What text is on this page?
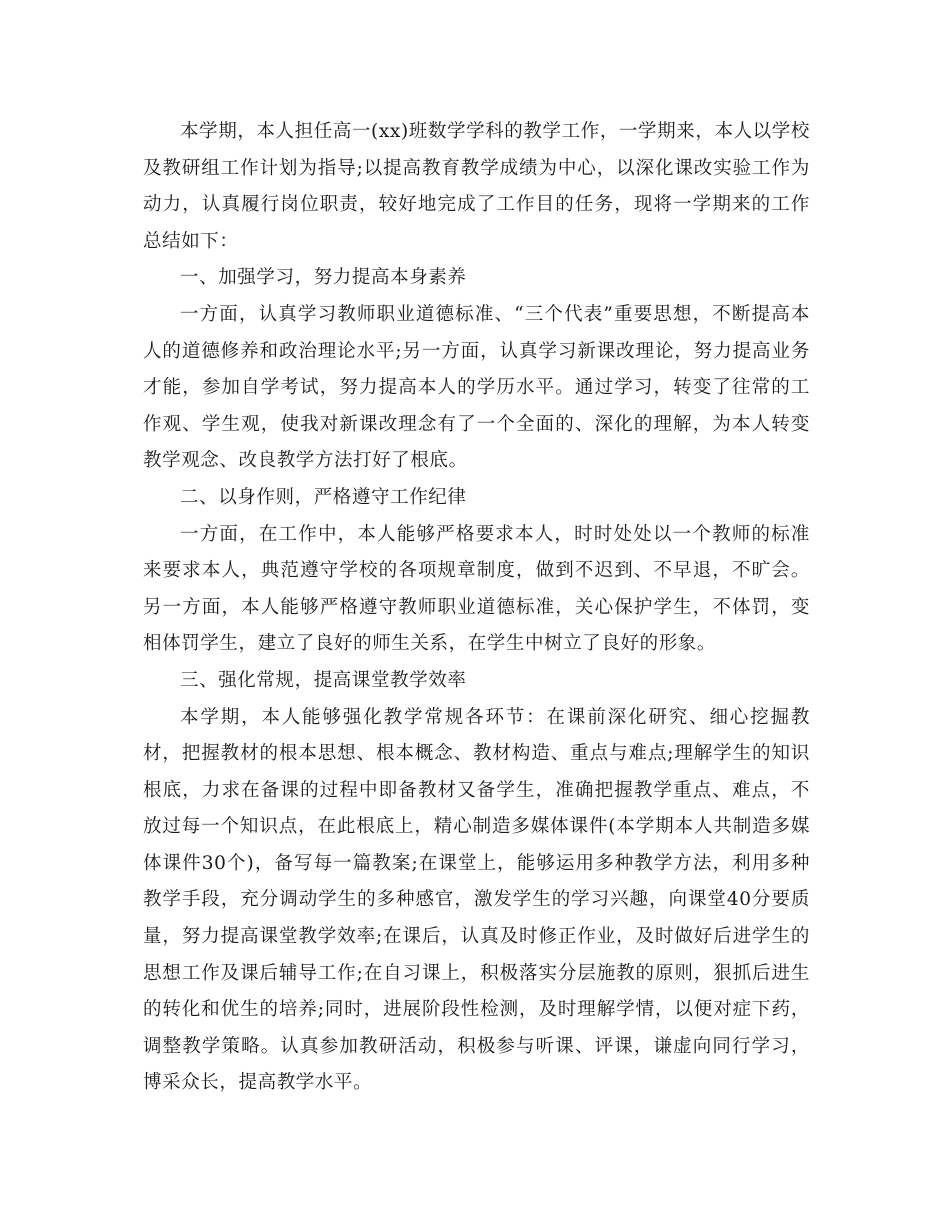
本学期，本人担任高一(xx)班数学学科的教学工作，一学期来，本人以学校及教研组工作计划为指导;以提高教育教学成绩为中心，以深化课改实验工作为动力，认真履行岗位职责，较好地完成了工作目的任务，现将一学期来的工作总结如下：

一、加强学习，努力提高本身素养

一方面，认真学习教师职业道德标准、“三个代表”重要思想，不断提高本人的道德修养和政治理论水平;另一方面，认真学习新课改理论，努力提高业务才能，参加自学考试，努力提高本人的学历水平。通过学习，转变了往常的工作观、学生观，使我对新课改理念有了一个全面的、深化的理解，为本人转变教学观念、改良教学方法打好了根底。

二、以身作则，严格遵守工作纪律

一方面，在工作中，本人能够严格要求本人，时时处处以一个教师的标准来要求本人，典范遵守学校的各项规章制度，做到不迟到、不早退，不旷会。另一方面，本人能够严格遵守教师职业道德标准，关心保护学生，不体罚，变相体罚学生，建立了良好的师生关系，在学生中树立了良好的形象。

三、强化常规，提高课堂教学效率

本学期，本人能够强化教学常规各环节：在课前深化研究、细心挖掘教材，把握教材的根本思想、根本概念、教材构造、重点与难点;理解学生的知识根底，力求在备课的过程中即备教材又备学生，准确把握教学重点、难点，不放过每一个知识点，在此根底上，精心制造多媒体课件(本学期本人共制造多媒体课件30个)，备写每一篇教案;在课堂上，能够运用多种教学方法，利用多种教学手段，充分调动学生的多种感官，激发学生的学习兴趣，向课堂40分要质量，努力提高课堂教学效率;在课后，认真及时修正作业，及时做好后进学生的思想工作及课后辅导工作;在自习课上，积极落实分层施教的原则，狠抓后进生的转化和优生的培养;同时，进展阶段性检测，及时理解学情，以便对症下药，调整教学策略。认真参加教研活动，积极参与听课、评课，谦虚向同行学习，博采众长，提高教学水平。
